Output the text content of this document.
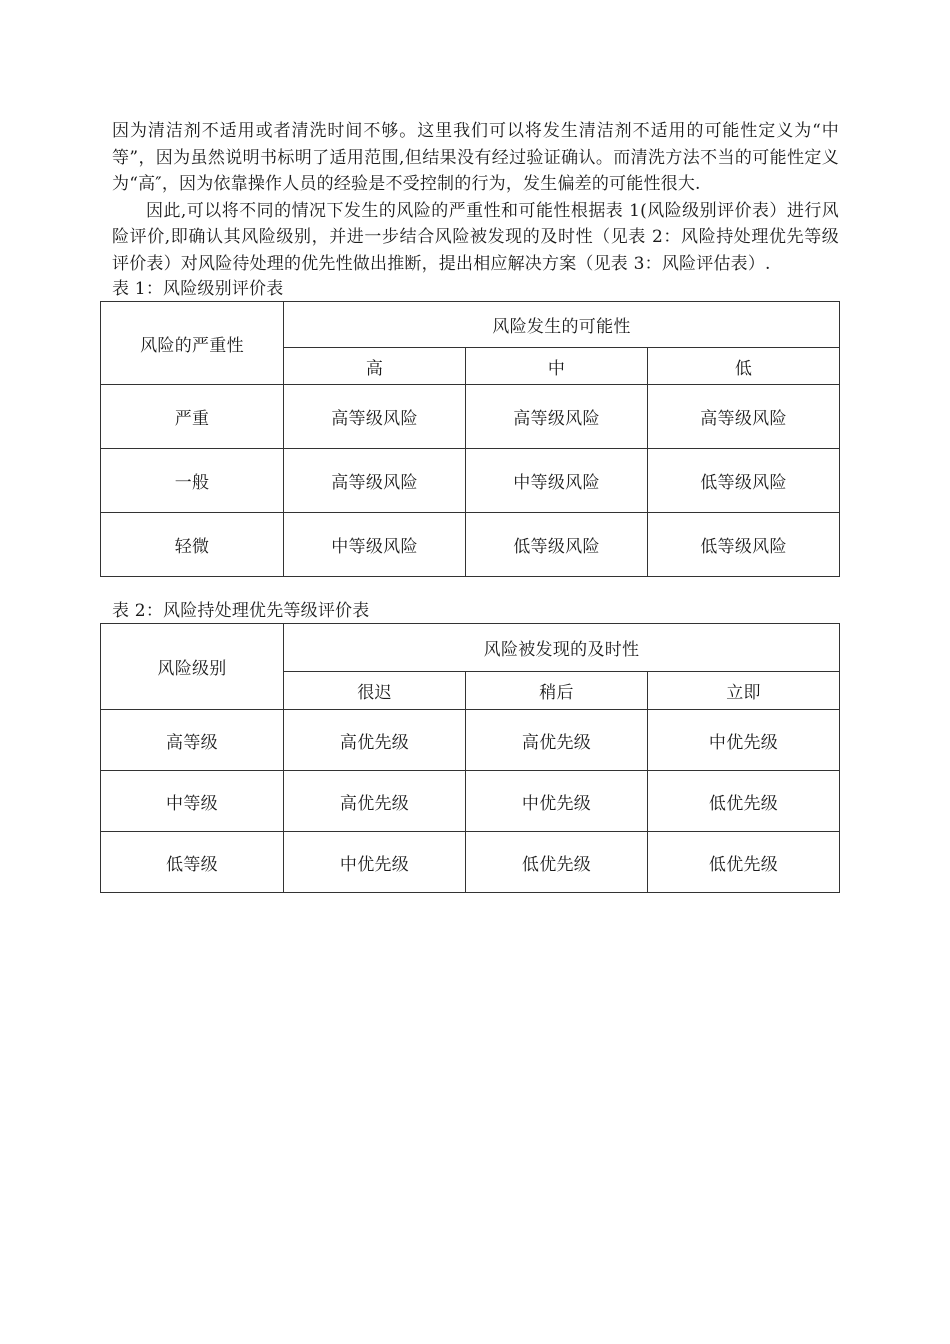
因为清洁剂不适用或者清洗时间不够。这里我们可以将发生清洁剂不适用的可能性定义为“中等”，因为虽然说明书标明了适用范围,但结果没有经过验证确认。而清洗方法不当的可能性定义为“高″，因为依靠操作人员的经验是不受控制的行为，发生偏差的可能性很大.

因此,可以将不同的情况下发生的风险的严重性和可能性根据表 1(风险级别评价表）进行风险评价,即确认其风险级别，并进一步结合风险被发现的及时性（见表 2：风险持处理优先等级评价表）对风险待处理的优先性做出推断，提出相应解决方案（见表 3：风险评估表）.

表 1：风险级别评价表

风险的严重性	风险发生的可能性		
	高	中	低
严重	高等级风险	高等级风险	高等级风险
一般	高等级风险	中等级风险	低等级风险
轻微	中等级风险	低等级风险	低等级风险

表 2：风险持处理优先等级评价表

风险级别	风险被发现的及时性		
	很迟	稍后	立即
高等级	高优先级	高优先级	中优先级
中等级	高优先级	中优先级	低优先级
低等级	中优先级	低优先级	低优先级
